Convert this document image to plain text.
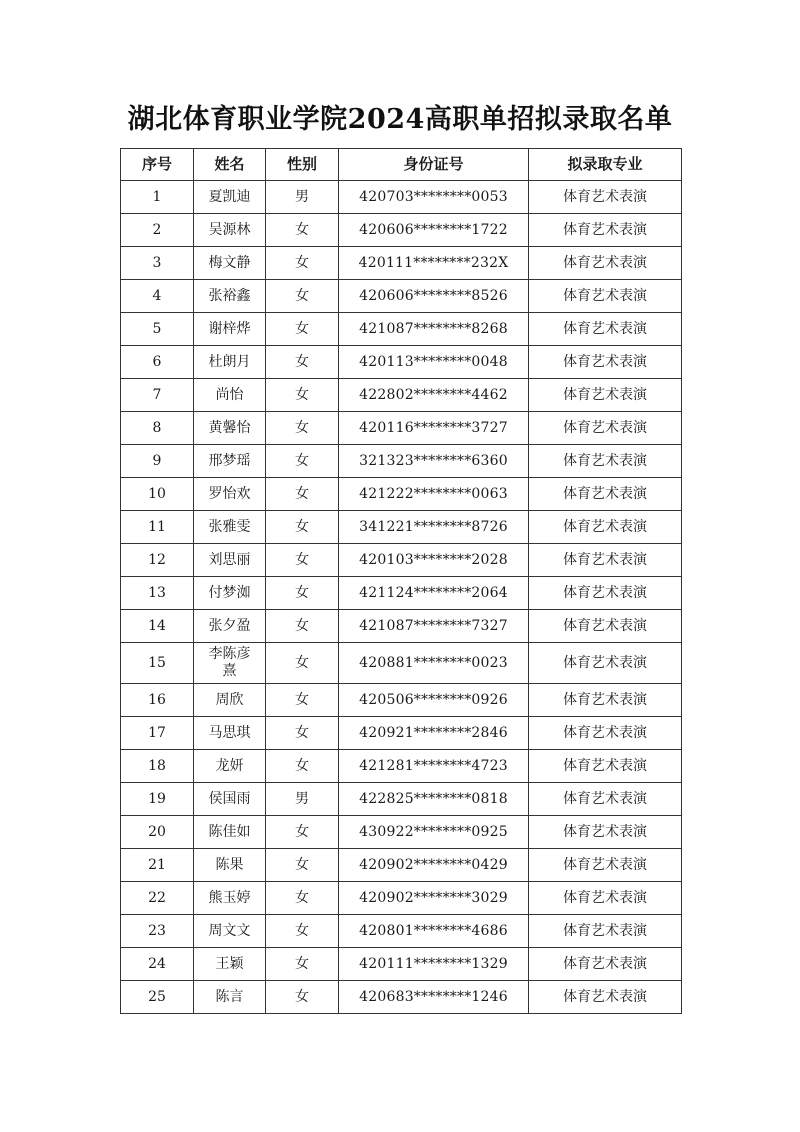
湖北体育职业学院2024高职单招拟录取名单
序号	姓名	性别	身份证号	拟录取专业
1	夏凯迪	男	420703********0053	体育艺术表演
2	吴源林	女	420606********1722	体育艺术表演
3	梅文静	女	420111********232X	体育艺术表演
4	张裕鑫	女	420606********8526	体育艺术表演
5	谢梓烨	女	421087********8268	体育艺术表演
6	杜朗月	女	420113********0048	体育艺术表演
7	尚怡	女	422802********4462	体育艺术表演
8	黄馨怡	女	420116********3727	体育艺术表演
9	邢梦瑶	女	321323********6360	体育艺术表演
10	罗怡欢	女	421222********0063	体育艺术表演
11	张雅雯	女	341221********8726	体育艺术表演
12	刘思丽	女	420103********2028	体育艺术表演
13	付梦洳	女	421124********2064	体育艺术表演
14	张夕盈	女	421087********7327	体育艺术表演
15	李陈彦熹	女	420881********0023	体育艺术表演
16	周欣	女	420506********0926	体育艺术表演
17	马思琪	女	420921********2846	体育艺术表演
18	龙妍	女	421281********4723	体育艺术表演
19	侯国雨	男	422825********0818	体育艺术表演
20	陈佳如	女	430922********0925	体育艺术表演
21	陈果	女	420902********0429	体育艺术表演
22	熊玉婷	女	420902********3029	体育艺术表演
23	周文文	女	420801********4686	体育艺术表演
24	王颖	女	420111********1329	体育艺术表演
25	陈言	女	420683********1246	体育艺术表演
